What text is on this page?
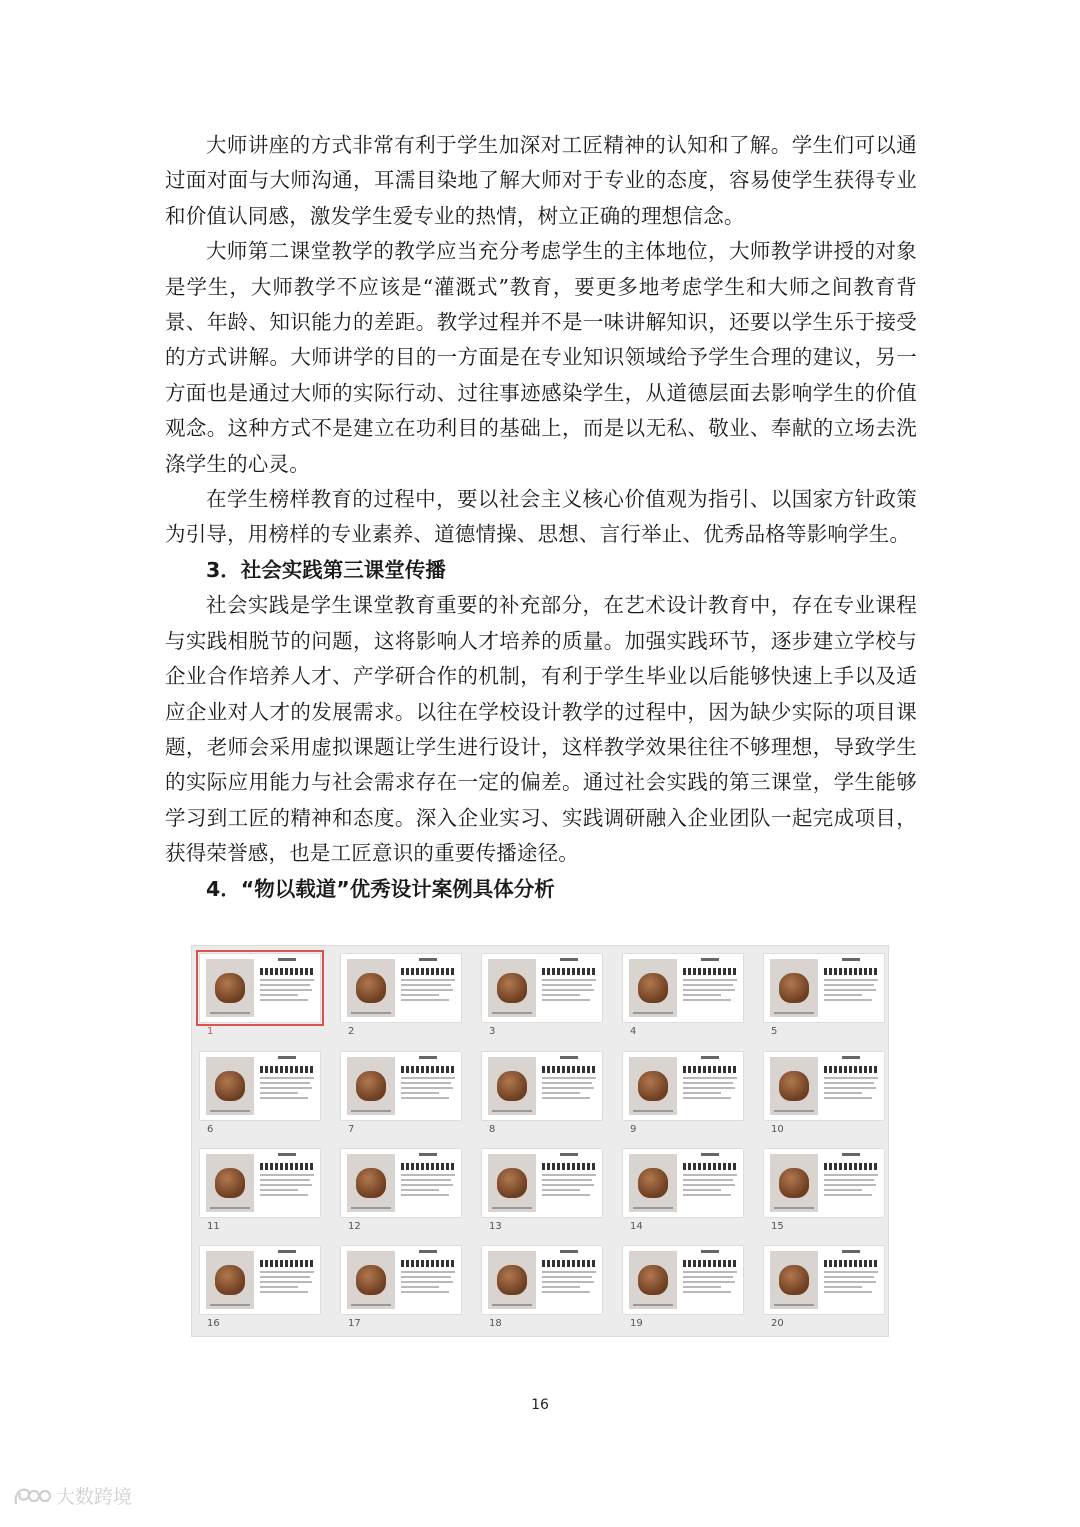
大师讲座的方式非常有利于学生加深对工匠精神的认知和了解。学生们可以通过面对面与大师沟通，耳濡目染地了解大师对于专业的态度，容易使学生获得专业和价值认同感，激发学生爱专业的热情，树立正确的理想信念。

大师第二课堂教学的教学应当充分考虑学生的主体地位，大师教学讲授的对象是学生，大师教学不应该是“灌溉式”教育，要更多地考虑学生和大师之间教育背景、年龄、知识能力的差距。教学过程并不是一味讲解知识，还要以学生乐于接受的方式讲解。大师讲学的目的一方面是在专业知识领域给予学生合理的建议，另一方面也是通过大师的实际行动、过往事迹感染学生，从道德层面去影响学生的价值观念。这种方式不是建立在功利目的基础上，而是以无私、敬业、奉献的立场去洗涤学生的心灵。

在学生榜样教育的过程中，要以社会主义核心价值观为指引、以国家方针政策为引导，用榜样的专业素养、道德情操、思想、言行举止、优秀品格等影响学生。

3．社会实践第三课堂传播

社会实践是学生课堂教育重要的补充部分，在艺术设计教育中，存在专业课程与实践相脱节的问题，这将影响人才培养的质量。加强实践环节，逐步建立学校与企业合作培养人才、产学研合作的机制，有利于学生毕业以后能够快速上手以及适应企业对人才的发展需求。以往在学校设计教学的过程中，因为缺少实际的项目课题，老师会采用虚拟课题让学生进行设计，这样教学效果往往不够理想，导致学生的实际应用能力与社会需求存在一定的偏差。通过社会实践的第三课堂，学生能够学习到工匠的精神和态度。深入企业实习、实践调研融入企业团队一起完成项目，获得荣誉感，也是工匠意识的重要传播途径。

4．“物以载道”优秀设计案例具体分析
1	2	3	4	5
6	7	8	9	10
11	12	13	14	15
16	17	18	19	20
16
大数跨境
